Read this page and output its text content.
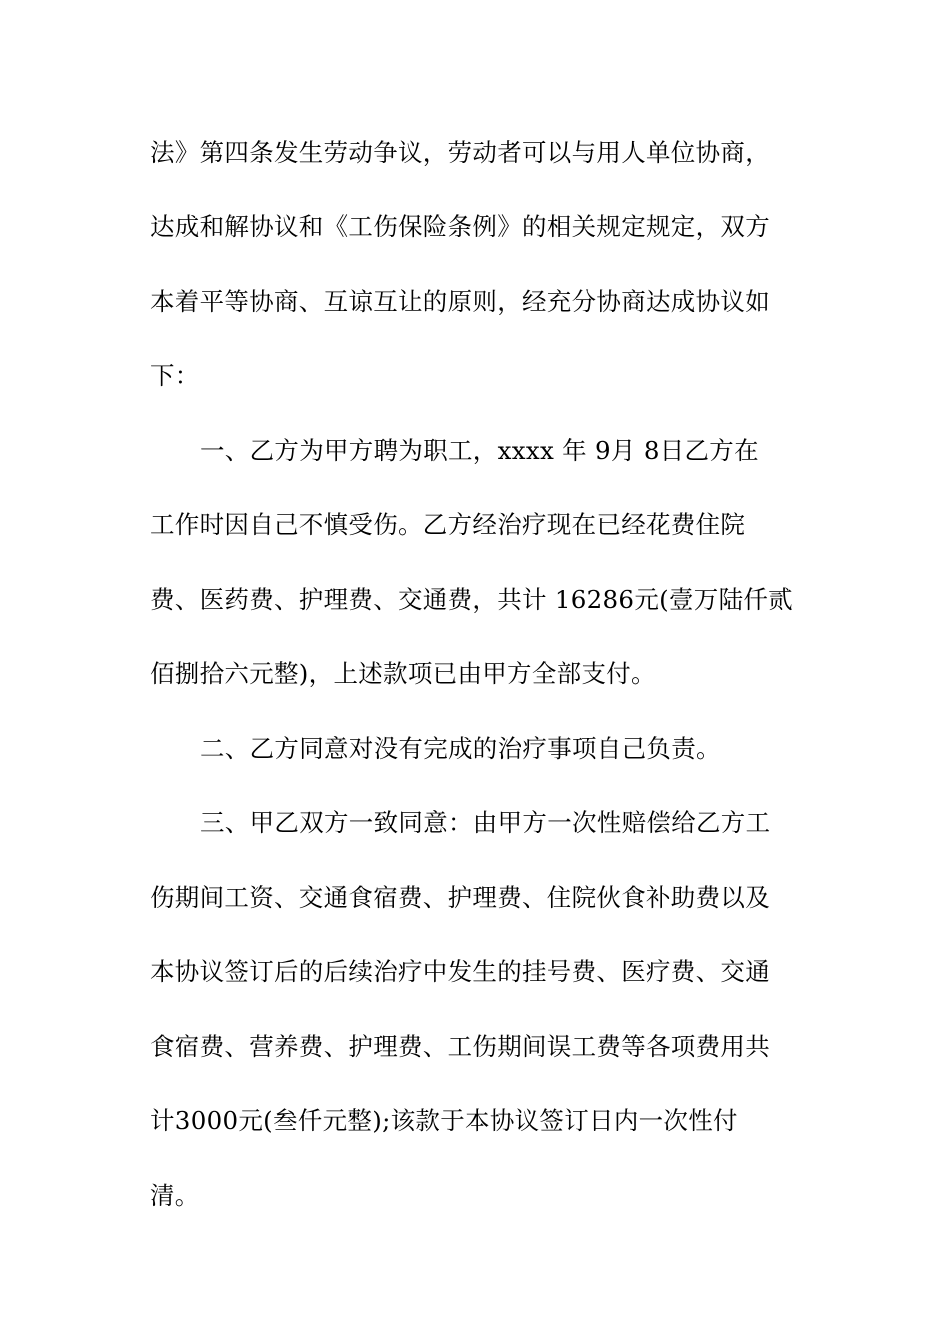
法》第四条发生劳动争议，劳动者可以与用人单位协商，
达成和解协议和《工伤保险条例》的相关规定规定，双方
本着平等协商、互谅互让的原则，经充分协商达成协议如
下：
一、乙方为甲方聘为职工，xxxx 年 9月 8日乙方在
工作时因自己不慎受伤。乙方经治疗现在已经花费住院
费、医药费、护理费、交通费，共计 16286元(壹万陆仟贰
佰捌拾六元整)，上述款项已由甲方全部支付。
二、乙方同意对没有完成的治疗事项自己负责。
三、甲乙双方一致同意：由甲方一次性赔偿给乙方工
伤期间工资、交通食宿费、护理费、住院伙食补助费以及
本协议签订后的后续治疗中发生的挂号费、医疗费、交通
食宿费、营养费、护理费、工伤期间误工费等各项费用共
计3000元(叁仟元整);该款于本协议签订日内一次性付
清。
